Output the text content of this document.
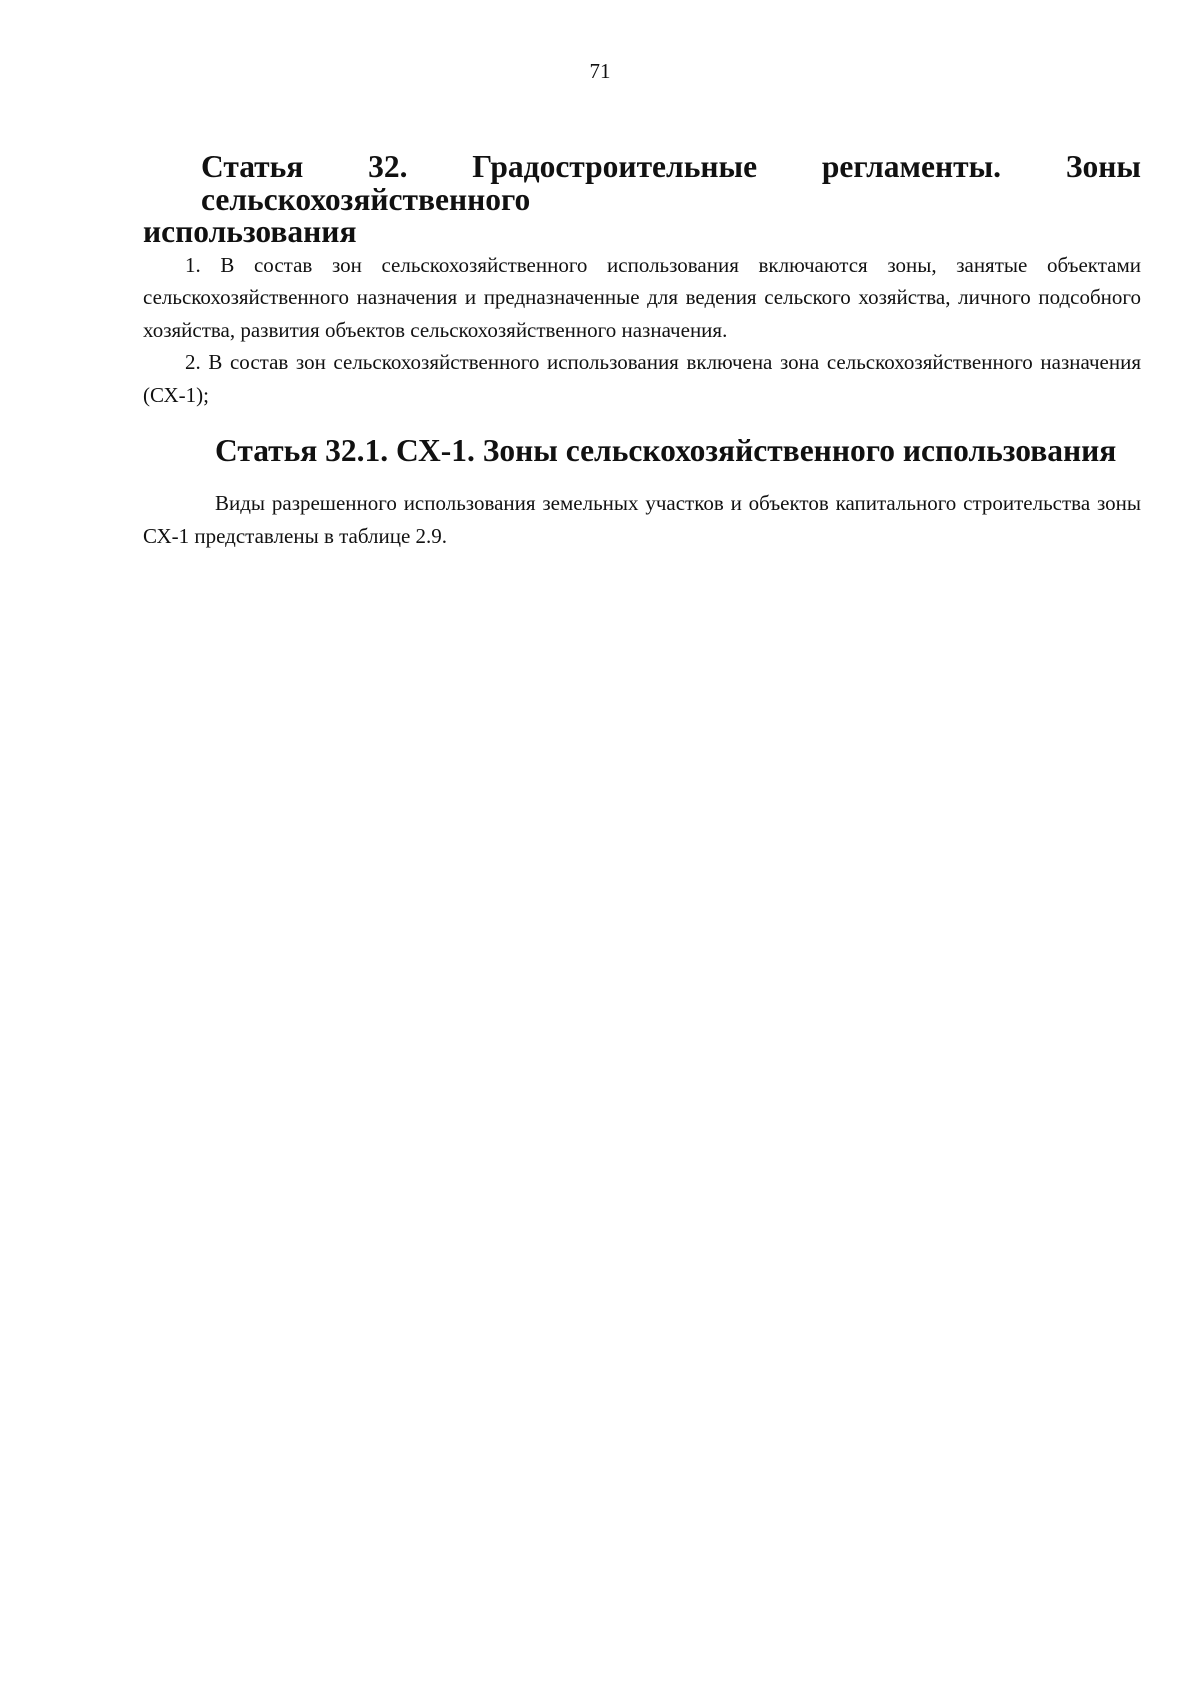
71
Статья 32. Градостроительные регламенты. Зоны сельскохозяйственного
использования

1. В состав зон сельскохозяйственного использования включаются зоны, занятые объектами сельскохозяйственного назначения и предназначенные для ведения сельского хозяйства, личного подсобного хозяйства, развития объектов сельскохозяйственного назначения.

2. В состав зон сельскохозяйственного использования включена зона сельскохозяйственного назначения (СХ-1);

Статья 32.1. СХ-1. Зоны сельскохозяйственного использования

Виды разрешенного использования земельных участков и объектов капитального строительства зоны СХ-1 представлены в таблице 2.9.
